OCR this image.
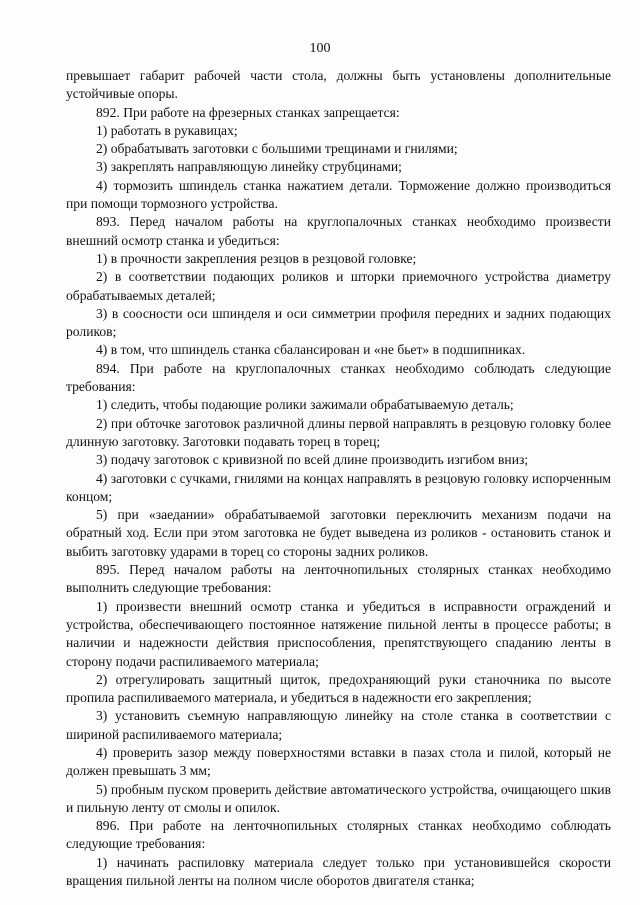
100

превышает габарит рабочей части стола, должны быть установлены дополнительные устойчивые опоры.

892. При работе на фрезерных станках запрещается:

1) работать в рукавицах;

2) обрабатывать заготовки с большими трещинами и гнилями;

3) закреплять направляющую линейку струбцинами;

4) тормозить шпиндель станка нажатием детали. Торможение должно производиться при помощи тормозного устройства.

893. Перед началом работы на круглопалочных станках необходимо произвести внешний осмотр станка и убедиться:

1) в прочности закрепления резцов в резцовой головке;

2) в соответствии подающих роликов и шторки приемочного устройства диаметру обрабатываемых деталей;

3) в соосности оси шпинделя и оси симметрии профиля передних и задних подающих роликов;

4) в том, что шпиндель станка сбалансирован и «не бьет» в подшипниках.

894. При работе на круглопалочных станках необходимо соблюдать следующие требования:

1) следить, чтобы подающие ролики зажимали обрабатываемую деталь;

2) при обточке заготовок различной длины первой направлять в резцовую головку более длинную заготовку. Заготовки подавать торец в торец;

3) подачу заготовок с кривизной по всей длине производить изгибом вниз;

4) заготовки с сучками, гнилями на концах направлять в резцовую головку испорченным концом;

5) при «заедании» обрабатываемой заготовки переключить механизм подачи на обратный ход. Если при этом заготовка не будет выведена из роликов - остановить станок и выбить заготовку ударами в торец со стороны задних роликов.

895. Перед началом работы на ленточнопильных столярных станках необходимо выполнить следующие требования:

1) произвести внешний осмотр станка и убедиться в исправности ограждений и устройства, обеспечивающего постоянное натяжение пильной ленты в процессе работы; в наличии и надежности действия приспособления, препятствующего спаданию ленты в сторону подачи распиливаемого материала;

2) отрегулировать защитный щиток, предохраняющий руки станочника по высоте пропила распиливаемого материала, и убедиться в надежности его закрепления;

3) установить съемную направляющую линейку на столе станка в соответствии с шириной распиливаемого материала;

4) проверить зазор между поверхностями вставки в пазах стола и пилой, который не должен превышать 3 мм;

5) пробным пуском проверить действие автоматического устройства, очищающего шкив и пильную ленту от смолы и опилок.

896. При работе на ленточнопильных столярных станках необходимо соблюдать следующие требования:

1) начинать распиловку материала следует только при установившейся скорости вращения пильной ленты на полном числе оборотов двигателя станка;
